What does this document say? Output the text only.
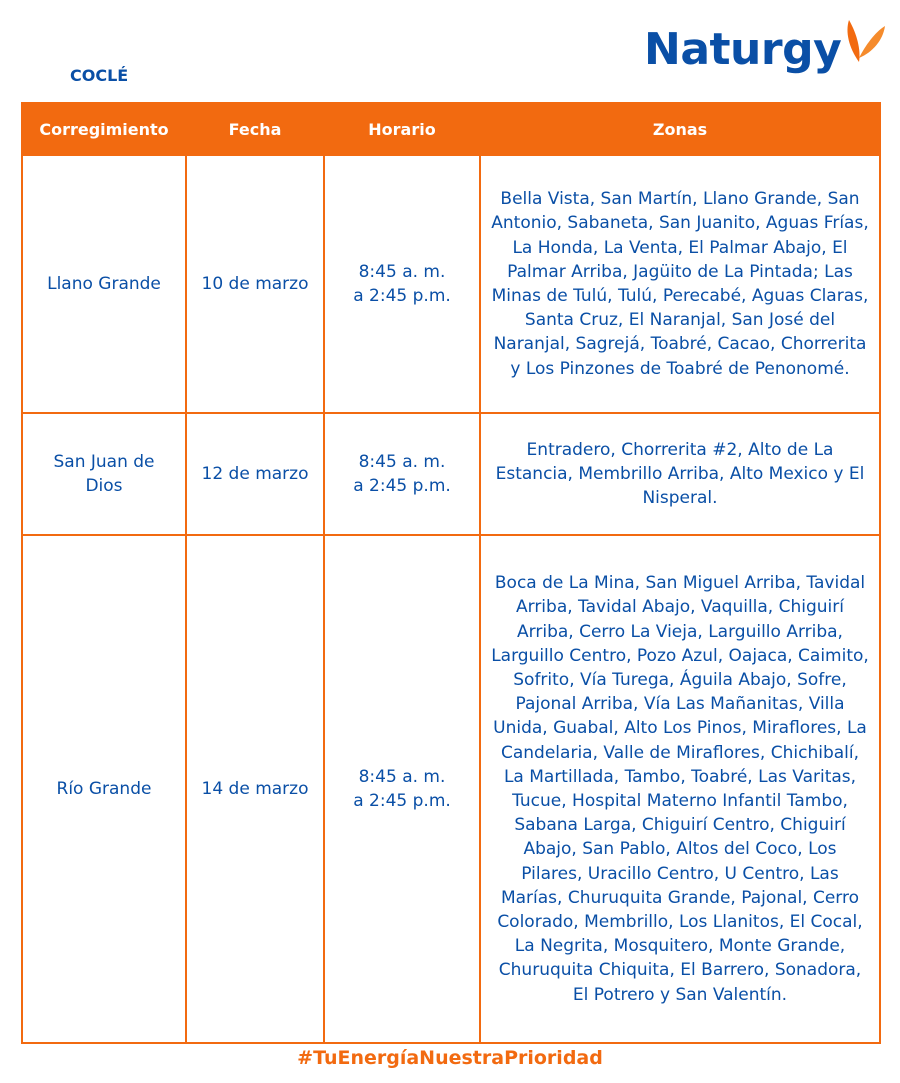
COCLÉ
Naturgy
Corregimiento	Fecha	Horario	Zonas
Llano Grande	10 de marzo	8:45 a. m. a 2:45 p.m.	Bella Vista, San Martín, Llano Grande, San Antonio, Sabaneta, San Juanito, Aguas Frías, La Honda, La Venta, El Palmar Abajo, El Palmar Arriba, Jagüito de La Pintada; Las Minas de Tulú, Tulú, Perecabé, Aguas Claras, Santa Cruz, El Naranjal, San José del Naranjal, Sagrejá, Toabré, Cacao, Chorrerita y Los Pinzones de Toabré de Penonomé.
San Juan de Dios	12 de marzo	8:45 a. m. a 2:45 p.m.	Entradero, Chorrerita #2, Alto de La Estancia, Membrillo Arriba, Alto Mexico y El Nisperal.
Río Grande	14 de marzo	8:45 a. m. a 2:45 p.m.	Boca de La Mina, San Miguel Arriba, Tavidal Arriba, Tavidal Abajo, Vaquilla, Chiguirí Arriba, Cerro La Vieja, Larguillo Arriba, Larguillo Centro, Pozo Azul, Oajaca, Caimito, Sofrito, Vía Turega, Águila Abajo, Sofre, Pajonal Arriba, Vía Las Mañanitas, Villa Unida, Guabal, Alto Los Pinos, Miraflores, La Candelaria, Valle de Miraflores, Chichibalí, La Martillada, Tambo, Toabré, Las Varitas, Tucue, Hospital Materno Infantil Tambo, Sabana Larga, Chiguirí Centro, Chiguirí Abajo, San Pablo, Altos del Coco, Los Pilares, Uracillo Centro, U Centro, Las Marías, Churuquita Grande, Pajonal, Cerro Colorado, Membrillo, Los Llanitos, El Cocal, La Negrita, Mosquitero, Monte Grande, Churuquita Chiquita, El Barrero, Sonadora, El Potrero y San Valentín.
#TuEnergíaNuestraPrioridad
